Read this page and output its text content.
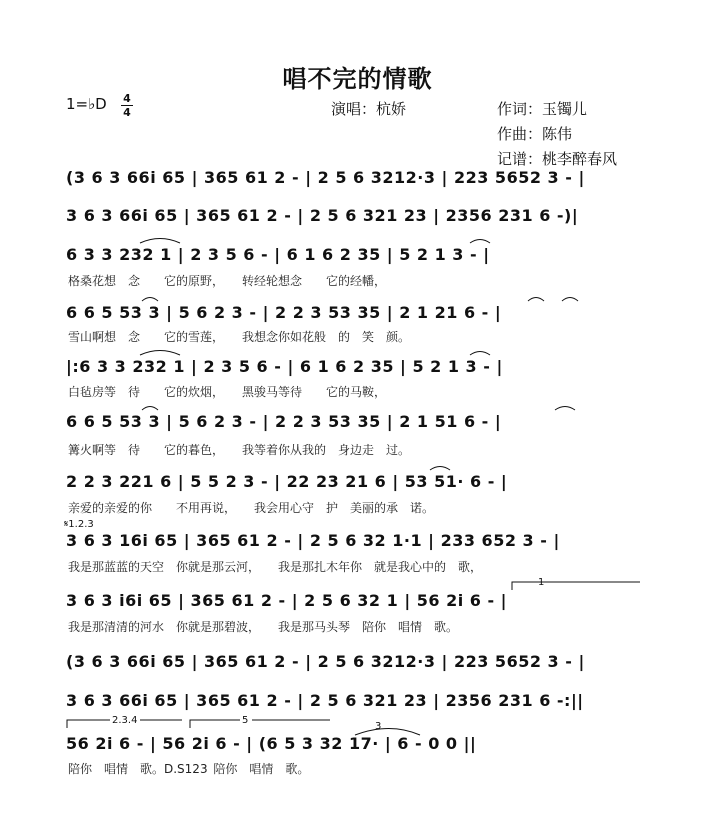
唱不完的情歌
1=♭D 4
4	演唱：杭娇	作词：玉镯儿
作曲：陈伟
记谱：桃李醉春风
(3 6 3 66i 65 | 365 61 2 - | 2 5 6 3212·3 | 223 5652 3 - |
3 6 3 66i 65 | 365 61 2 - | 2 5 6 321 23 | 2356 231 6 -)|
6 3 3 232 1 | 2 3 5 6 - | 6 1 6 2 35 | 5 2 1 3 - |
格桑花想　念　　它的原野，　　转经轮想念　　它的经幡，
6 6 5 53 3 | 5 6 2 3 - | 2 2 3 53 35 | 2 1 21 6 - |
雪山啊想　念　　它的雪莲，　　我想念你如花般　的　笑　颜。
|:6 3 3 232 1 | 2 3 5 6 - | 6 1 6 2 35 | 5 2 1 3 - |
白毡房等　待　　它的炊烟，　　黑骏马等待　　它的马鞍，
6 6 5 53 3 | 5 6 2 3 - | 2 2 3 53 35 | 2 1 51 6 - |
篝火啊等　待　　它的暮色，　　我等着你从我的　身边走　过。
2 2 3 221 6 | 5 5 2 3 - | 22 23 21 6 | 53 51· 6 - |
亲爱的亲爱的你　　不用再说，　　我会用心守　护　美丽的承　诺。
3 6 3 16i 65 | 365 61 2 - | 2 5 6 32 1·1 | 233 652 3 - |
我是那蓝蓝的天空　你就是那云河，　　我是那扎木年你　就是我心中的　歌，
3 6 3 i6i 65 | 365 61 2 - | 2 5 6 32 1 | 56 2i 6 - |
我是那清清的河水　你就是那碧波，　　我是那马头琴　陪你　唱情　歌。
(3 6 3 66i 65 | 365 61 2 - | 2 5 6 3212·3 | 223 5652 3 - |
3 6 3 66i 65 | 365 61 2 - | 2 5 6 321 23 | 2356 231 6 -:||
56 2i 6 - | 56 2i 6 - | (6 5 3 32 17· | 6 - 0 0 ||
陪你　唱情　歌。D.S123 陪你　唱情　歌。
𝄋1.2.3
1
2.3.4	5
3
